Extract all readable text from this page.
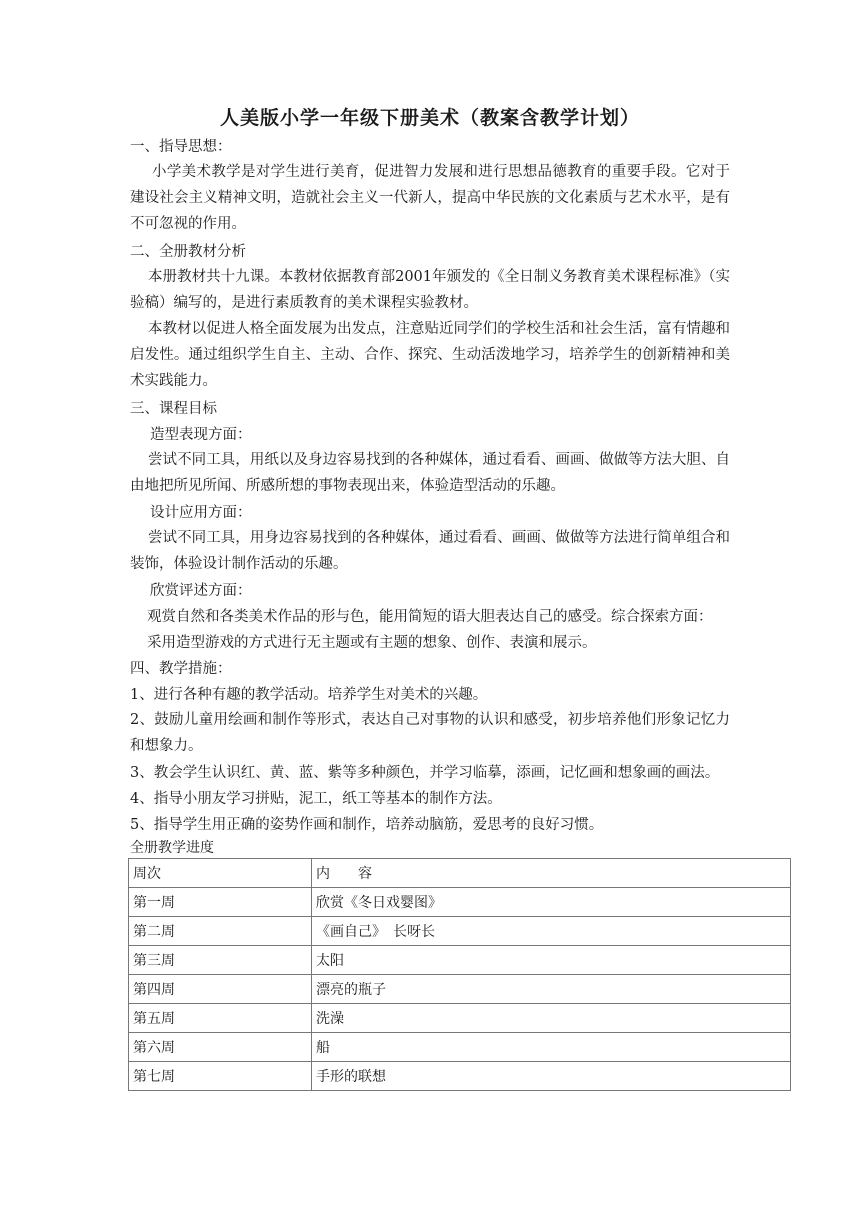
人美版小学一年级下册美术（教案含教学计划）
一、指导思想：
小学美术教学是对学生进行美育，促进智力发展和进行思想品德教育的重要手段。它对于建设社会主义精神文明，造就社会主义一代新人，提高中华民族的文化素质与艺术水平，是有不可忽视的作用。
二、全册教材分析
本册教材共十九课。本教材依据教育部2001年颁发的《全日制义务教育美术课程标准》（实验稿）编写的，是进行素质教育的美术课程实验教材。
本教材以促进人格全面发展为出发点，注意贴近同学们的学校生活和社会生活，富有情趣和启发性。通过组织学生自主、主动、合作、探究、生动活泼地学习，培养学生的创新精神和美术实践能力。
三、课程目标
造型表现方面：
尝试不同工具，用纸以及身边容易找到的各种媒体，通过看看、画画、做做等方法大胆、自由地把所见所闻、所感所想的事物表现出来，体验造型活动的乐趣。
设计应用方面：
尝试不同工具，用身边容易找到的各种媒体，通过看看、画画、做做等方法进行简单组合和装饰，体验设计制作活动的乐趣。
欣赏评述方面：
观赏自然和各类美术作品的形与色，能用简短的语大胆表达自己的感受。综合探索方面：
采用造型游戏的方式进行无主题或有主题的想象、创作、表演和展示。
四、教学措施：
1、进行各种有趣的教学活动。培养学生对美术的兴趣。
2、鼓励儿童用绘画和制作等形式，表达自己对事物的认识和感受，初步培养他们形象记忆力和想象力。
3、教会学生认识红、黄、蓝、紫等多种颜色，并学习临摹，添画，记忆画和想象画的画法。
4、指导小朋友学习拼贴，泥工，纸工等基本的制作方法。
5、指导学生用正确的姿势作画和制作，培养动脑筋，爱思考的良好习惯。
全册教学进度
周次	内　　容
第一周	欣赏《冬日戏婴图》
第二周	《画自己》　长呀长
第三周	太阳
第四周	漂亮的瓶子
第五周	洗澡
第六周	船
第七周	手形的联想
